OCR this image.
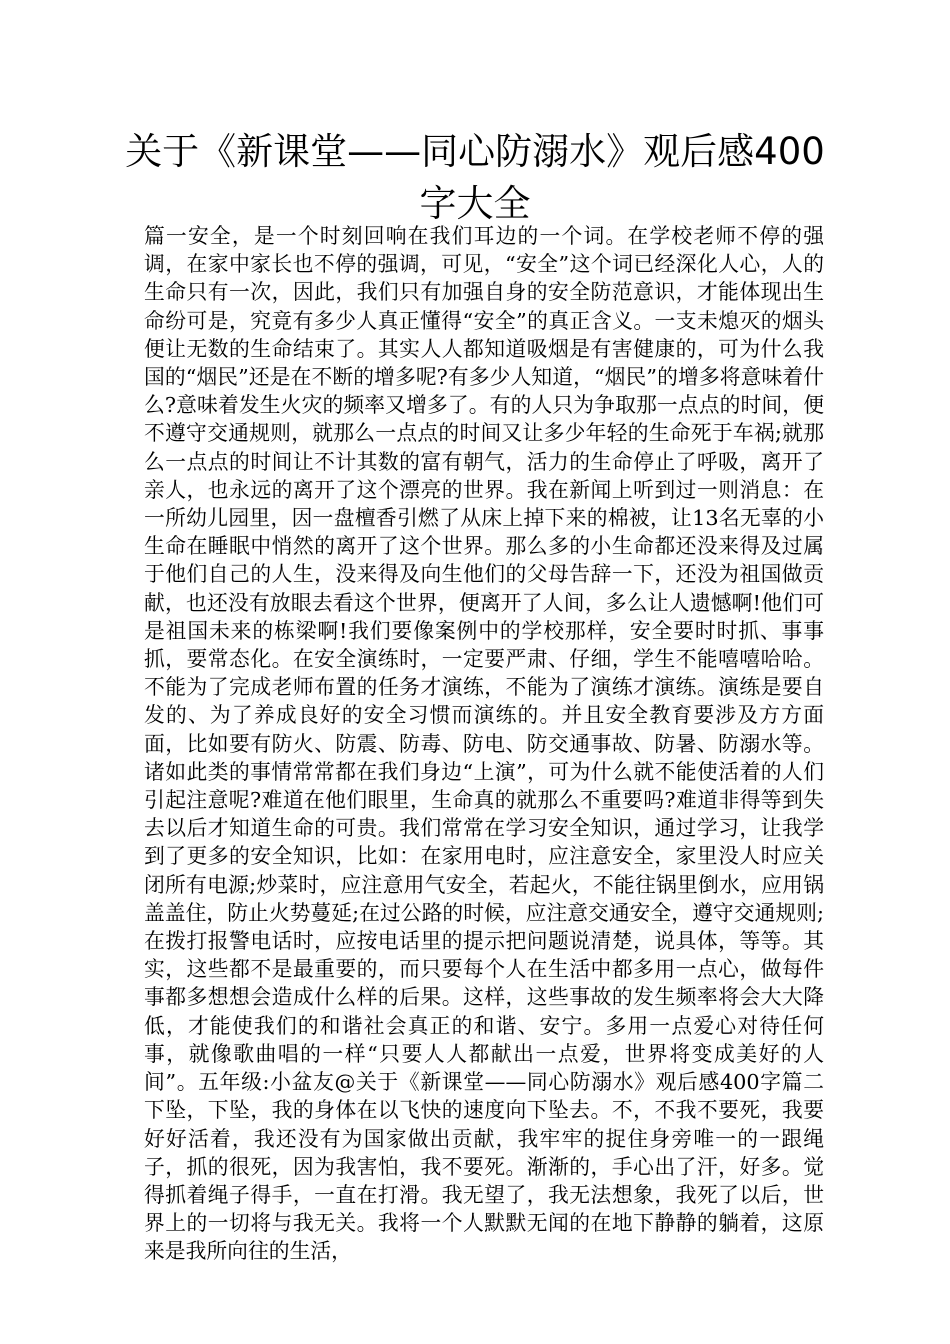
关于《新课堂——同心防溺水》观后感400字大全

篇一安全，是一个时刻回响在我们耳边的一个词。在学校老师不停的强调，在家中家长也不停的强调，可见，“安全”这个词已经深化人心，人的生命只有一次，因此，我们只有加强自身的安全防范意识，才能体现出生命纷可是，究竟有多少人真正懂得“安全”的真正含义。一支未熄灭的烟头便让无数的生命结束了。其实人人都知道吸烟是有害健康的，可为什么我国的“烟民”还是在不断的增多呢?有多少人知道，“烟民”的增多将意味着什么?意味着发生火灾的频率又增多了。有的人只为争取那一点点的时间，便不遵守交通规则，就那么一点点的时间又让多少年轻的生命死于车祸;就那么一点点的时间让不计其数的富有朝气，活力的生命停止了呼吸，离开了亲人，也永远的离开了这个漂亮的世界。我在新闻上听到过一则消息：在一所幼儿园里，因一盘檀香引燃了从床上掉下来的棉被，让13名无辜的小生命在睡眠中悄然的离开了这个世界。那么多的小生命都还没来得及过属于他们自己的人生，没来得及向生他们的父母告辞一下，还没为祖国做贡献，也还没有放眼去看这个世界，便离开了人间，多么让人遗憾啊!他们可是祖国未来的栋梁啊!我们要像案例中的学校那样，安全要时时抓、事事抓，要常态化。在安全演练时，一定要严肃、仔细，学生不能嘻嘻哈哈。不能为了完成老师布置的任务才演练，不能为了演练才演练。演练是要自发的、为了养成良好的安全习惯而演练的。并且安全教育要涉及方方面面，比如要有防火、防震、防毒、防电、防交通事故、防暑、防溺水等。诸如此类的事情常常都在我们身边“上演”，可为什么就不能使活着的人们引起注意呢?难道在他们眼里，生命真的就那么不重要吗?难道非得等到失去以后才知道生命的可贵。我们常常在学习安全知识，通过学习，让我学到了更多的安全知识，比如：在家用电时，应注意安全，家里没人时应关闭所有电源;炒菜时，应注意用气安全，若起火，不能往锅里倒水，应用锅盖盖住，防止火势蔓延;在过公路的时候，应注意交通安全，遵守交通规则;在拨打报警电话时，应按电话里的提示把问题说清楚，说具体，等等。其实，这些都不是最重要的，而只要每个人在生活中都多用一点心，做每件事都多想想会造成什么样的后果。这样，这些事故的发生频率将会大大降低，才能使我们的和谐社会真正的和谐、安宁。多用一点爱心对待任何事，就像歌曲唱的一样“只要人人都献出一点爱，世界将变成美好的人间”。五年级:小盆友@关于《新课堂——同心防溺水》观后感400字篇二下坠，下坠，我的身体在以飞快的速度向下坠去。不，不我不要死，我要好好活着，我还没有为国家做出贡献，我牢牢的捉住身旁唯一的一跟绳子，抓的很死，因为我害怕，我不要死。渐渐的，手心出了汗，好多。觉得抓着绳子得手，一直在打滑。我无望了，我无法想象，我死了以后，世界上的一切将与我无关。我将一个人默默无闻的在地下静静的躺着，这原来是我所向往的生活，
